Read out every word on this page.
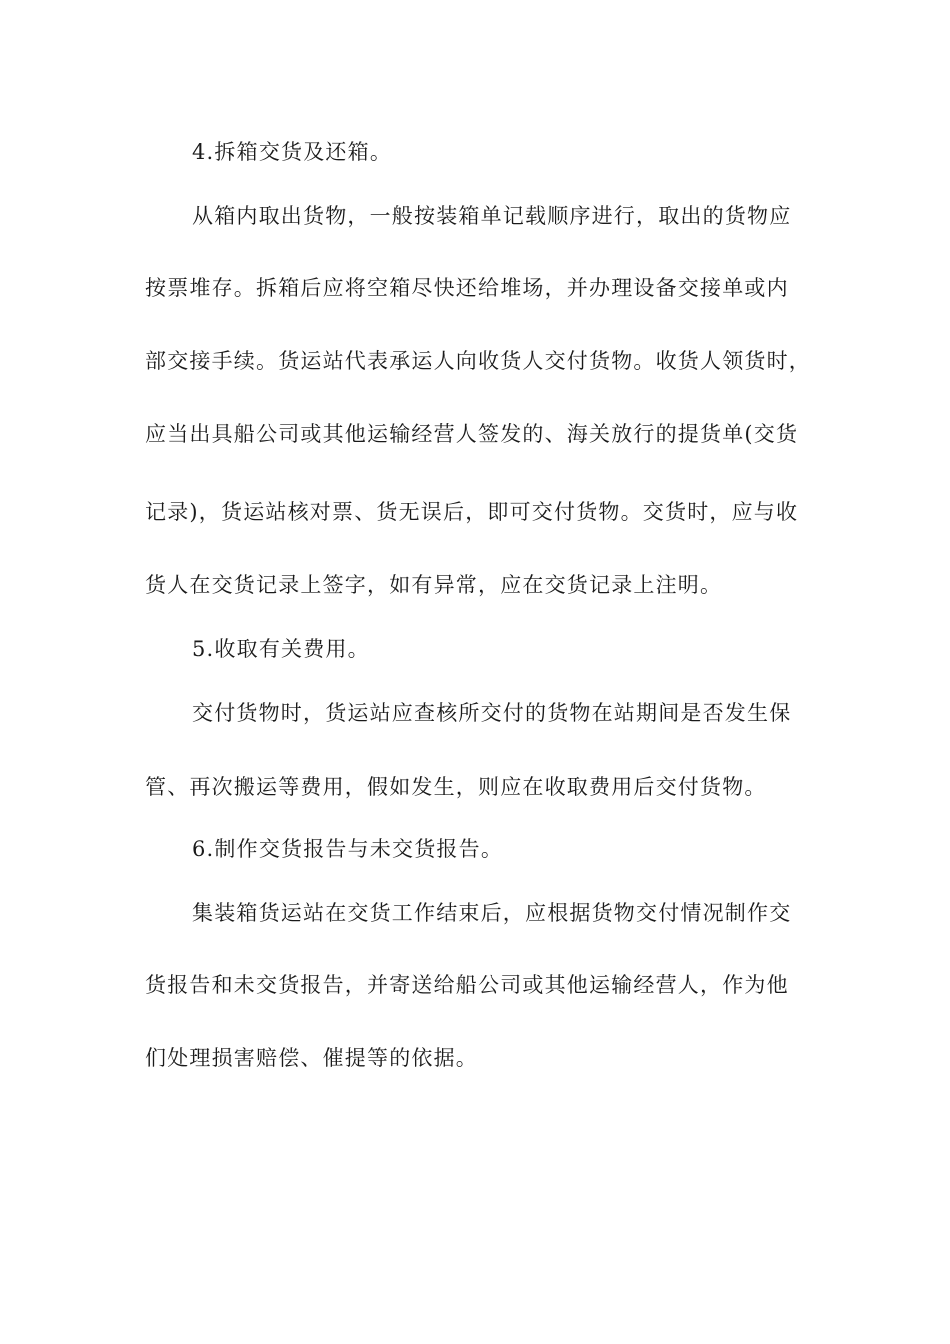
4.拆箱交货及还箱。
从箱内取出货物，一般按装箱单记载顺序进行，取出的货物应
按票堆存。拆箱后应将空箱尽快还给堆场，并办理设备交接单或内
部交接手续。货运站代表承运人向收货人交付货物。收货人领货时，
应当出具船公司或其他运输经营人签发的、海关放行的提货单(交货
记录)，货运站核对票、货无误后，即可交付货物。交货时，应与收
货人在交货记录上签字，如有异常，应在交货记录上注明。
5.收取有关费用。
交付货物时，货运站应查核所交付的货物在站期间是否发生保
管、再次搬运等费用，假如发生，则应在收取费用后交付货物。
6.制作交货报告与未交货报告。
集装箱货运站在交货工作结束后，应根据货物交付情况制作交
货报告和未交货报告，并寄送给船公司或其他运输经营人，作为他
们处理损害赔偿、催提等的依据。
